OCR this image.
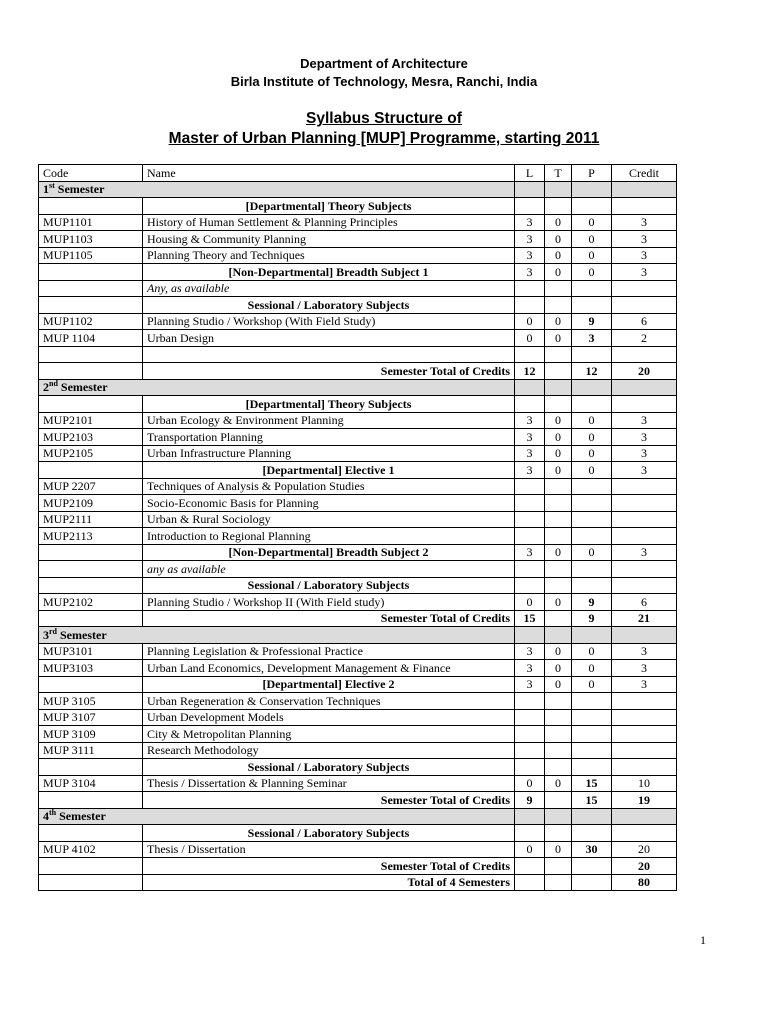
Department of Architecture
Birla Institute of Technology, Mesra, Ranchi, India
Syllabus Structure of
Master of Urban Planning [MUP] Programme, starting 2011
Code	Name	L	T	P	Credit
1st Semester					
	[Departmental] Theory Subjects				
MUP1101	History of Human Settlement & Planning Principles	3	0	0	3
MUP1103	Housing & Community Planning	3	0	0	3
MUP1105	Planning Theory and Techniques	3	0	0	3
	[Non-Departmental] Breadth Subject 1	3	0	0	3
	Any, as available				
	Sessional / Laboratory Subjects				
MUP1102	Planning Studio / Workshop (With Field Study)	0	0	9	6
MUP 1104	Urban Design	0	0	3	2

	Semester Total of Credits	12		12	20
2nd Semester					
	[Departmental] Theory Subjects				
MUP2101	Urban Ecology & Environment Planning	3	0	0	3
MUP2103	Transportation Planning	3	0	0	3
MUP2105	Urban Infrastructure Planning	3	0	0	3
	[Departmental] Elective 1	3	0	0	3
MUP 2207	Techniques of Analysis & Population Studies				
MUP2109	Socio-Economic Basis for Planning				
MUP2111	Urban & Rural Sociology				
MUP2113	Introduction to Regional Planning				
	[Non-Departmental] Breadth Subject 2	3	0	0	3
	any as available				
	Sessional / Laboratory Subjects				
MUP2102	Planning Studio / Workshop II (With Field study)	0	0	9	6
	Semester Total of Credits	15		9	21
3rd Semester					
MUP3101	Planning Legislation & Professional Practice	3	0	0	3
MUP3103	Urban Land Economics, Development Management & Finance	3	0	0	3
	[Departmental] Elective 2	3	0	0	3
MUP 3105	Urban Regeneration & Conservation Techniques				
MUP 3107	Urban Development Models				
MUP 3109	City & Metropolitan Planning				
MUP 3111	Research Methodology				
	Sessional / Laboratory Subjects				
MUP 3104	Thesis / Dissertation & Planning Seminar	0	0	15	10
	Semester Total of Credits	9		15	19
4th Semester					
	Sessional / Laboratory Subjects				
MUP 4102	Thesis / Dissertation	0	0	30	20
	Semester Total of Credits				20
	Total of 4 Semesters				80
1
